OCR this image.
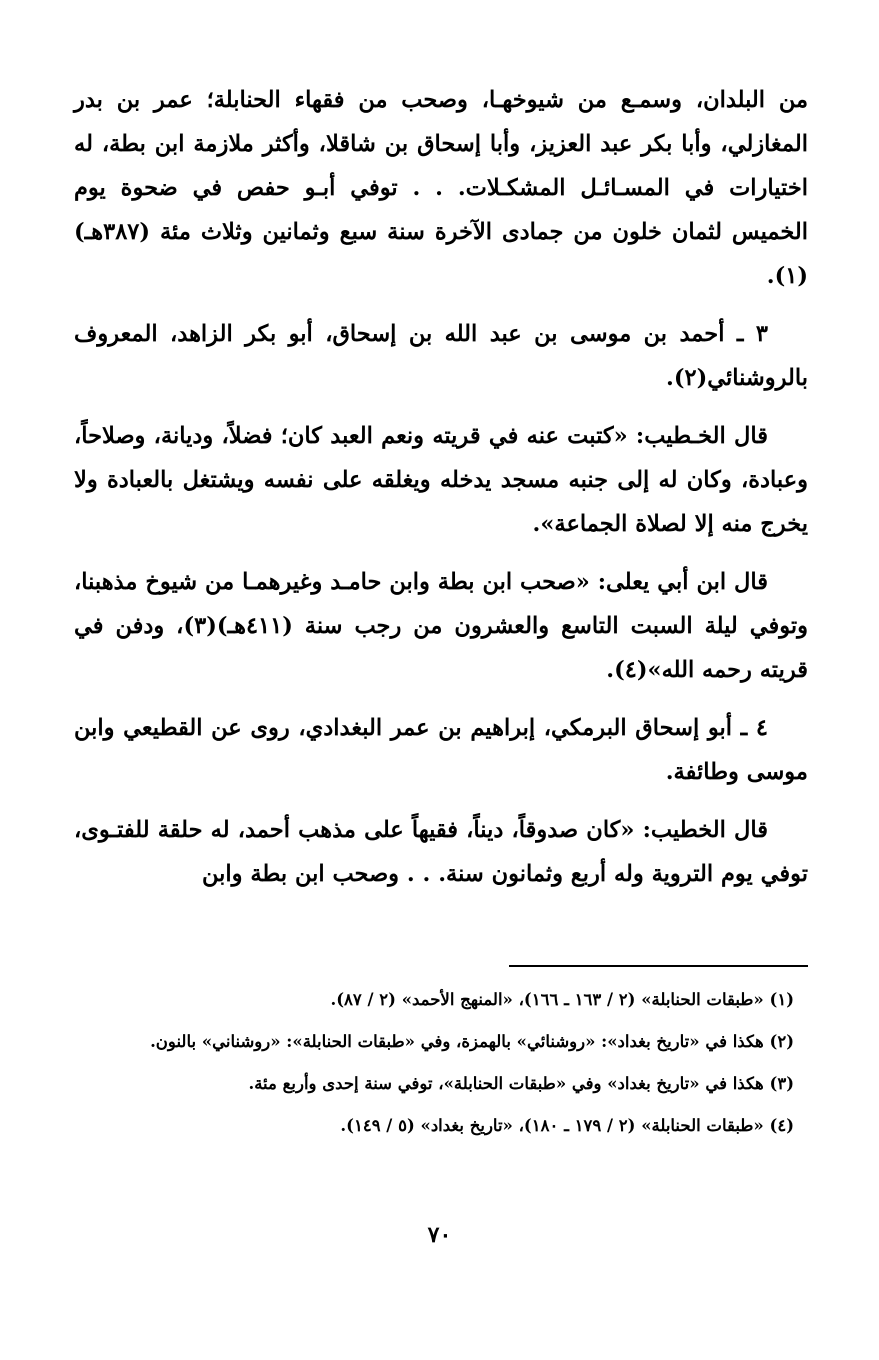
من البلدان، وسمـع من شيوخهـا، وصحب من فقهاء الحنابلة؛ عمر بن بدر المغازلي، وأبا بكر عبد العزيز، وأبا إسحاق بن شاقلا، وأكثر ملازمة ابن بطة، له اختيارات في المسـائـل المشكـلات. . . توفي أبـو حفص في ضحوة يوم الخميس لثمان خلون من جمادى الآخرة سنة سبع وثمانين وثلاث مئة (٣٨٧هـ)(١).

٣ ـ أحمد بن موسى بن عبد الله بن إسحاق، أبو بكر الزاهد، المعروف بالروشنائي(٢).

قال الخـطيب: «كتبت عنه في قريته ونعم العبد كان؛ فضلاً، وديانة، وصلاحاً، وعبادة، وكان له إلى جنبه مسجد يدخله ويغلقه على نفسه ويشتغل بالعبادة ولا يخرج منه إلا لصلاة الجماعة».

قال ابن أبي يعلى: «صحب ابن بطة وابن حامـد وغيرهمـا من شيوخ مذهبنا، وتوفي ليلة السبت التاسع والعشرون من رجب سنة (٤١١هـ)(٣)، ودفن في قريته رحمه الله»(٤).

٤ ـ أبو إسحاق البرمكي، إبراهيم بن عمر البغدادي، روى عن القطيعي وابن موسى وطائفة.

قال الخطيب: «كان صدوقاً، ديناً، فقيهاً على مذهب أحمد، له حلقة للفتـوى، توفي يوم التروية وله أربع وثمانون سنة. . . وصحب ابن بطة وابن

(١) «طبقات الحنابلة» (٢ / ١٦٣ ـ ١٦٦)، «المنهج الأحمد» (٢ / ٨٧).

(٢) هكذا في «تاريخ بغداد»: «روشنائي» بالهمزة، وفي «طبقات الحنابلة»: «روشناني» بالنون.

(٣) هكذا في «تاريخ بغداد» وفي «طبقات الحنابلة»، توفي سنة إحدى وأربع مئة.

(٤) «طبقات الحنابلة» (٢ / ١٧٩ ـ ١٨٠)، «تاريخ بغداد» (٥ / ١٤٩).

٧٠
